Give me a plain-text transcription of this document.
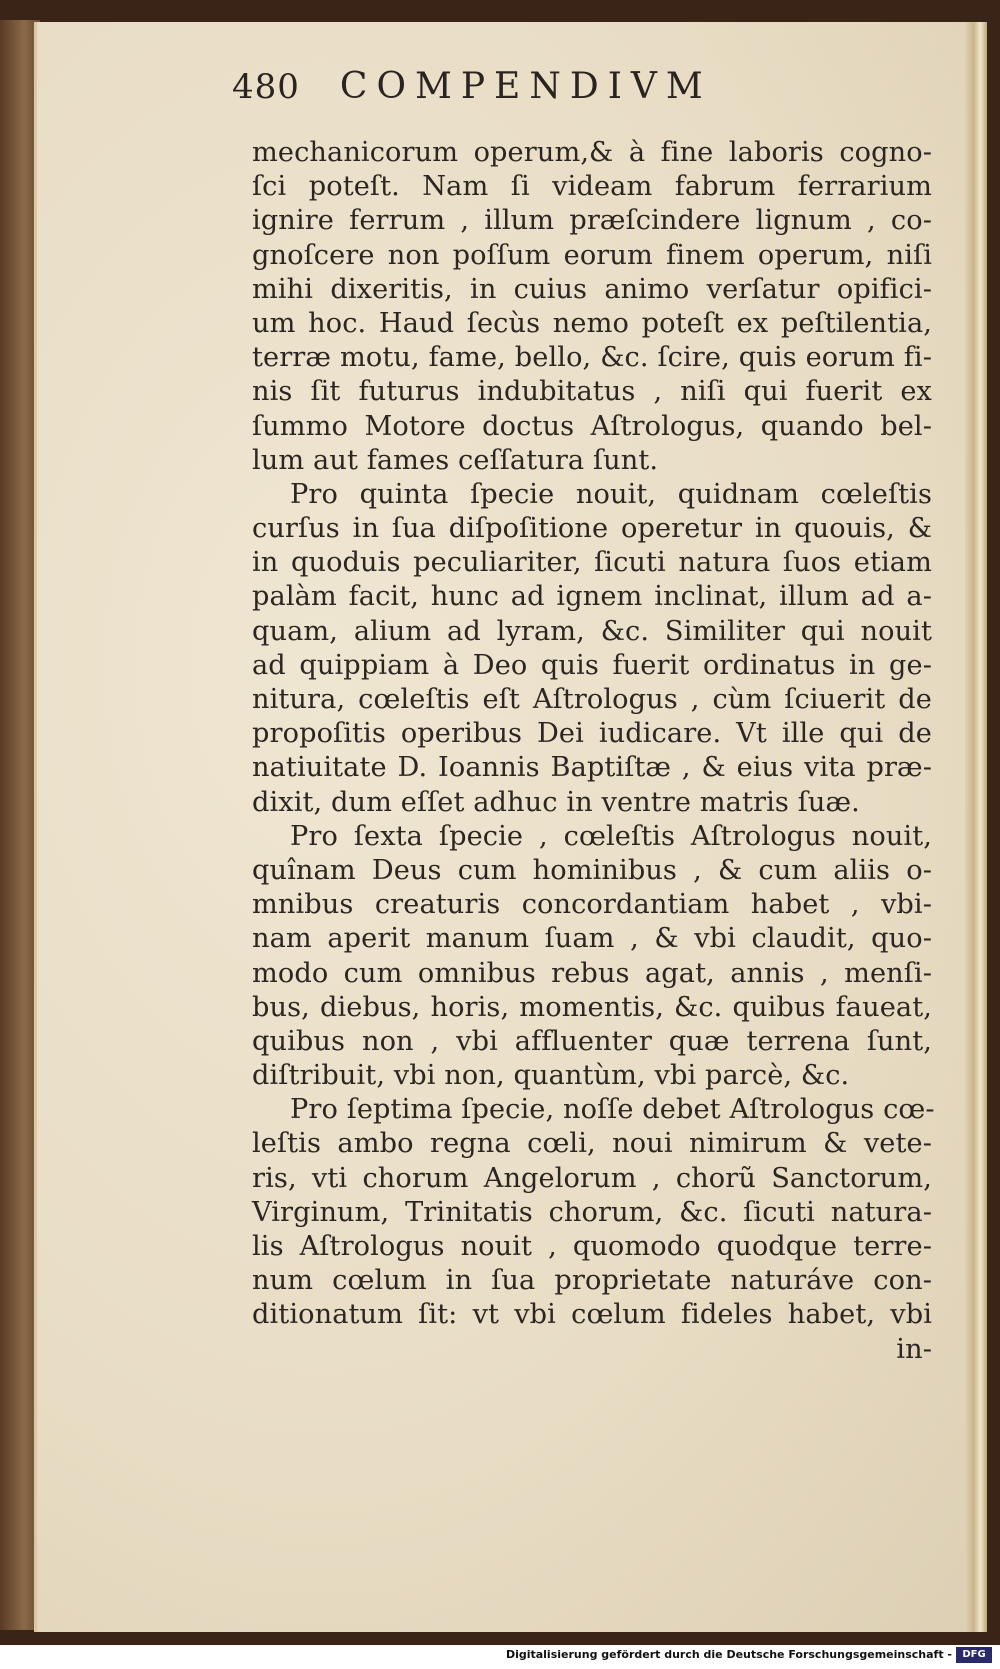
480 COMPENDIVM
mechanicorum operum,& à fine laboris cogno-
ſci poteſt. Nam ſi videam fabrum ferrarium
ignire ferrum , illum præſcindere lignum , co-
gnoſcere non poſſum eorum finem operum, niſi
mihi dixeritis, in cuius animo verſatur opifici-
um hoc. Haud ſecùs nemo poteſt ex peſtilentia,
terræ motu, fame, bello, &c. ſcire, quis eorum fi-
nis ſit futurus indubitatus , niſi qui fuerit ex
ſummo Motore doctus Aſtrologus, quando bel-
lum aut fames ceſſatura ſunt.
Pro quinta ſpecie nouit, quidnam cœleſtis
curſus in ſua diſpoſitione operetur in quouis, &
in quoduis peculiariter, ſicuti natura ſuos etiam
palàm facit, hunc ad ignem inclinat, illum ad a-
quam, alium ad lyram, &c. Similiter qui nouit
ad quippiam à Deo quis fuerit ordinatus in ge-
nitura, cœleſtis eſt Aſtrologus , cùm ſciuerit de
propoſitis operibus Dei iudicare. Vt ille qui de
natiuitate D. Ioannis Baptiſtæ , & eius vita præ-
dixit, dum eſſet adhuc in ventre matris ſuæ.
Pro ſexta ſpecie , cœleſtis Aſtrologus nouit,
quînam Deus cum hominibus , & cum aliis o-
mnibus creaturis concordantiam habet , vbi-
nam aperit manum ſuam , & vbi claudit, quo-
modo cum omnibus rebus agat, annis , menſi-
bus, diebus, horis, momentis, &c. quibus faueat,
quibus non , vbi affluenter quæ terrena ſunt,
diſtribuit, vbi non, quantùm, vbi parcè, &c.
Pro ſeptima ſpecie, noſſe debet Aſtrologus cœ-
leſtis ambo regna cœli, noui nimirum & vete-
ris, vti chorum Angelorum , chorũ Sanctorum,
Virginum, Trinitatis chorum, &c. ſicuti natura-
lis Aſtrologus nouit , quomodo quodque terre-
num cœlum in ſua proprietate naturáve con-
ditionatum ſit: vt vbi cœlum fideles habet, vbi
in-
Digitalisierung gefördert durch die Deutsche Forschungsgemeinschaft -	DFG
